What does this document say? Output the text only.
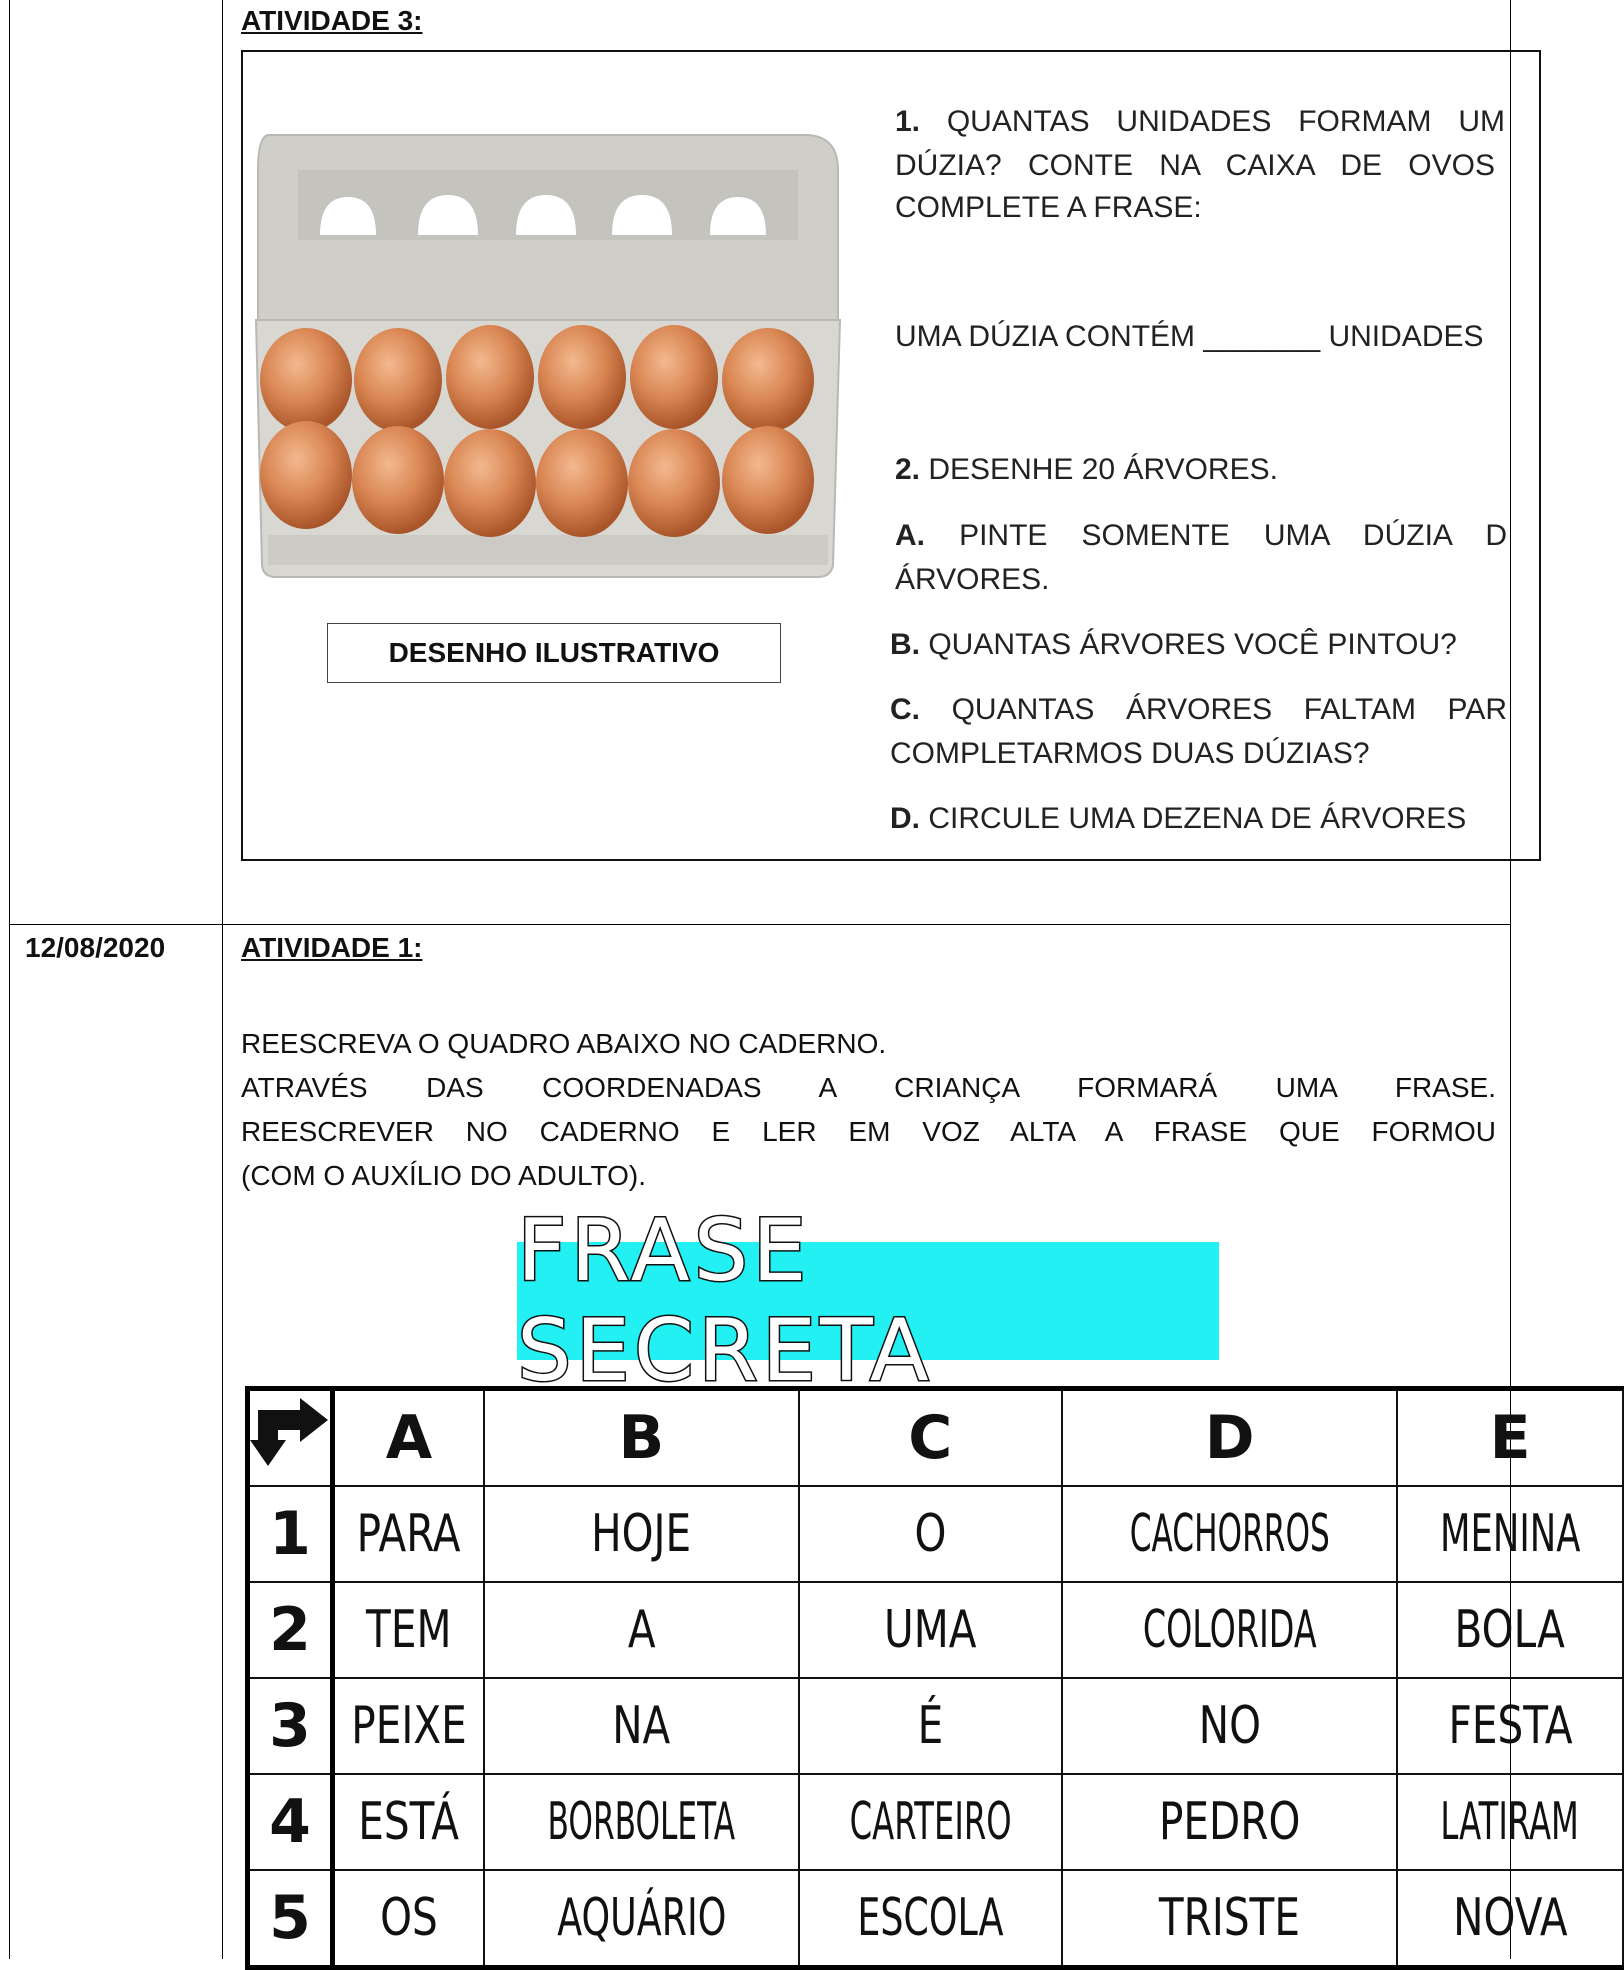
ATIVIDADE 3:
DESENHO ILUSTRATIVO
1. QUANTAS UNIDADES FORMAM UM
DÚZIA? CONTE NA CAIXA DE OVOS
COMPLETE A FRASE:
UMA DÚZIA CONTÉM _______ UNIDADES
2. DESENHE 20 ÁRVORES.
A. PINTE SOMENTE UMA DÚZIA D
ÁRVORES.
B. QUANTAS ÁRVORES VOCÊ PINTOU?
C. QUANTAS ÁRVORES FALTAM PAR
COMPLETARMOS DUAS DÚZIAS?
D. CIRCULE UMA DEZENA DE ÁRVORES
12/08/2020	ATIVIDADE 1:
REESCREVA O QUADRO ABAIXO NO CADERNO.
ATRAVÉS DAS COORDENADAS A CRIANÇA FORMARÁ UMA FRASE.
REESCREVER NO CADERNO E LER EM VOZ ALTA A FRASE QUE FORMOU
(COM O AUXÍLIO DO ADULTO).
FRASE SECRETA
	A	B	C	D	E
1	PARA	HOJE	O	CACHORROS	MENINA
2	TEM	A	UMA	COLORIDA	BOLA
3	PEIXE	NA	É	NO	FESTA
4	ESTÁ	BORBOLETA	CARTEIRO	PEDRO	LATIRAM
5	OS	AQUÁRIO	ESCOLA	TRISTE	NOVA
